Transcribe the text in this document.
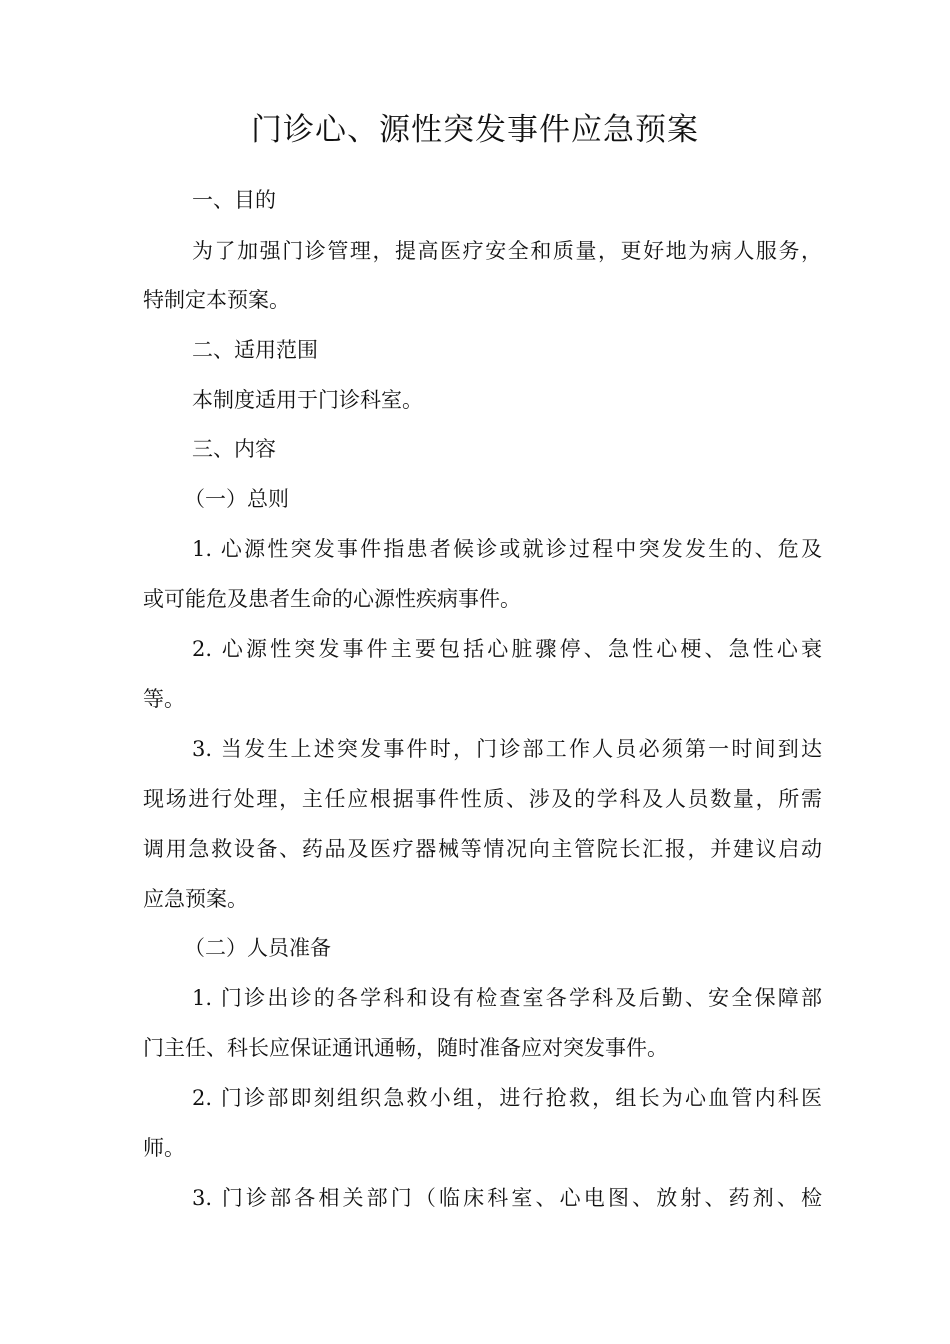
门诊心、源性突发事件应急预案
一、目的
为了加强门诊管理，提高医疗安全和质量，更好地为病人服务，
特制定本预案。
二、适用范围
本制度适用于门诊科室。
三、内容
（一）总则
1. 心源性突发事件指患者候诊或就诊过程中突发发生的、危及
或可能危及患者生命的心源性疾病事件。
2. 心源性突发事件主要包括心脏骤停、急性心梗、急性心衰
等。
3. 当发生上述突发事件时，门诊部工作人员必须第一时间到达
现场进行处理，主任应根据事件性质、涉及的学科及人员数量，所需
调用急救设备、药品及医疗器械等情况向主管院长汇报，并建议启动
应急预案。
（二）人员准备
1. 门诊出诊的各学科和设有检查室各学科及后勤、安全保障部
门主任、科长应保证通讯通畅，随时准备应对突发事件。
2. 门诊部即刻组织急救小组，进行抢救，组长为心血管内科医
师。
3. 门诊部各相关部门（临床科室、心电图、放射、药剂、检
